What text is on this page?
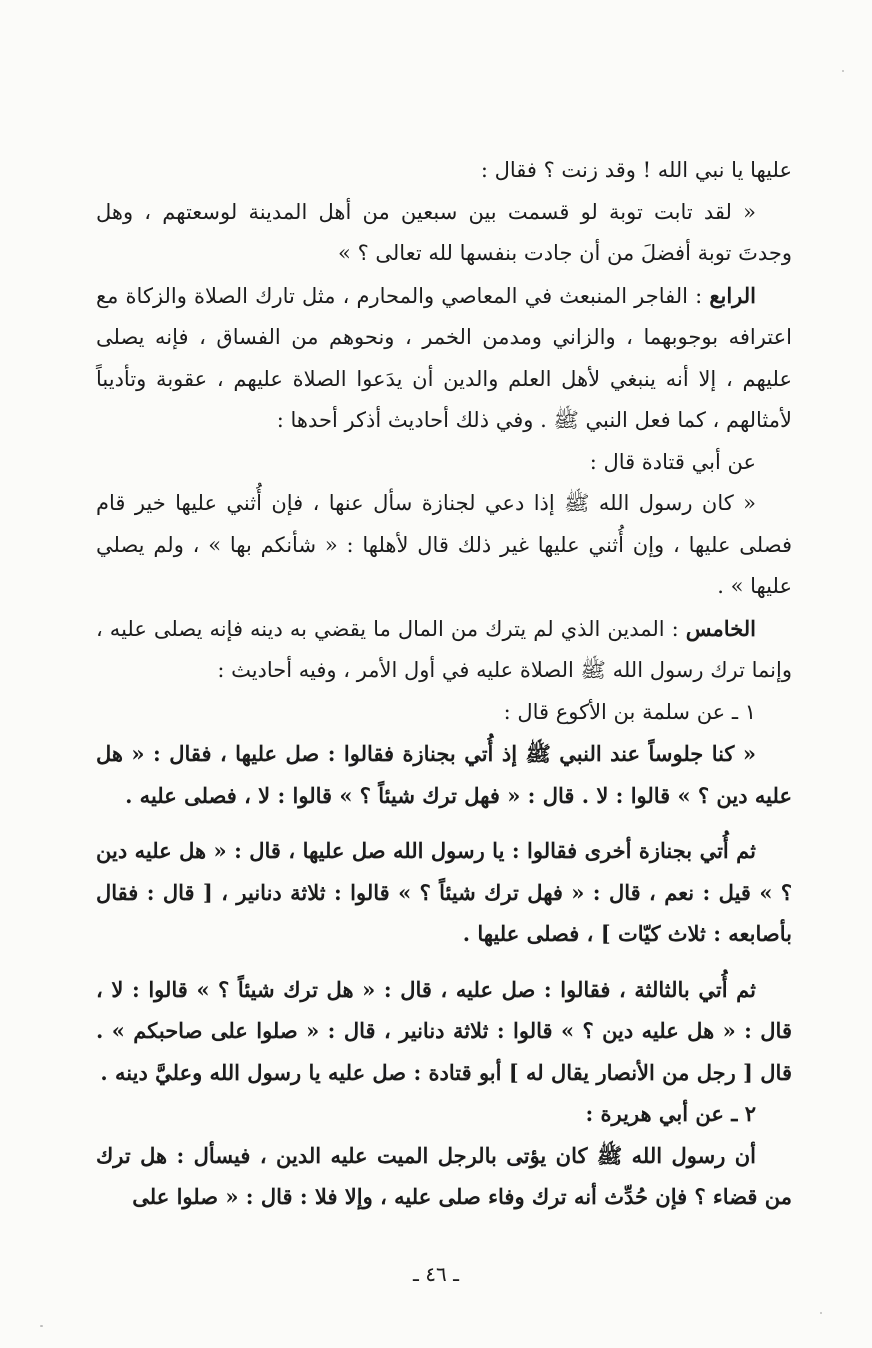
عليها يا نبي الله ! وقد زنت ؟ فقال :

« لقد تابت توبة لو قسمت بين سبعين من أهل المدينة لوسعتهم ، وهل وجدتَ توبة أفضلَ من أن جادت بنفسها لله تعالى ؟ »

الرابع : الفاجر المنبعث في المعاصي والمحارم ، مثل تارك الصلاة والزكاة مع اعترافه بوجوبهما ، والزاني ومدمن الخمر ، ونحوهم من الفساق ، فإنه يصلى عليهم ، إلا أنه ينبغي لأهل العلم والدين أن يدَعوا الصلاة عليهم ، عقوبة وتأديباً لأمثالهم ، كما فعل النبي ﷺ . وفي ذلك أحاديث أذكر أحدها :

عن أبي قتادة قال :

« كان رسول الله ﷺ إذا دعي لجنازة سأل عنها ، فإن أُثني عليها خير قام فصلى عليها ، وإن أُثني عليها غير ذلك قال لأهلها : « شأنكم بها » ، ولم يصلي عليها » .

الخامس : المدين الذي لم يترك من المال ما يقضي به دينه فإنه يصلى عليه ، وإنما ترك رسول الله ﷺ الصلاة عليه في أول الأمر ، وفيه أحاديث :

١ ـ عن سلمة بن الأكوع قال :

« كنا جلوساً عند النبي ﷺ إذ أُتي بجنازة فقالوا : صل عليها ، فقال : « هل عليه دين ؟ » قالوا : لا . قال : « فهل ترك شيئاً ؟ » قالوا : لا ، فصلى عليه .

ثم أُتي بجنازة أخرى فقالوا : يا رسول الله صل عليها ، قال : « هل عليه دين ؟ » قيل : نعم ، قال : « فهل ترك شيئاً ؟ » قالوا : ثلاثة دنانير ، [ قال : فقال بأصابعه : ثلاث كيّات ] ، فصلى عليها .

ثم أُتي بالثالثة ، فقالوا : صل عليه ، قال : « هل ترك شيئاً ؟ » قالوا : لا ، قال : « هل عليه دين ؟ » قالوا : ثلاثة دنانير ، قال : « صلوا على صاحبكم » . قال [ رجل من الأنصار يقال له ] أبو قتادة : صل عليه يا رسول الله وعليَّ دينه .

٢ ـ عن أبي هريرة :

أن رسول الله ﷺ كان يؤتى بالرجل الميت عليه الدين ، فيسأل : هل ترك من قضاء ؟ فإن حُدِّث أنه ترك وفاء صلى عليه ، وإلا فلا : قال : « صلوا على

ـ ٤٦ ـ
